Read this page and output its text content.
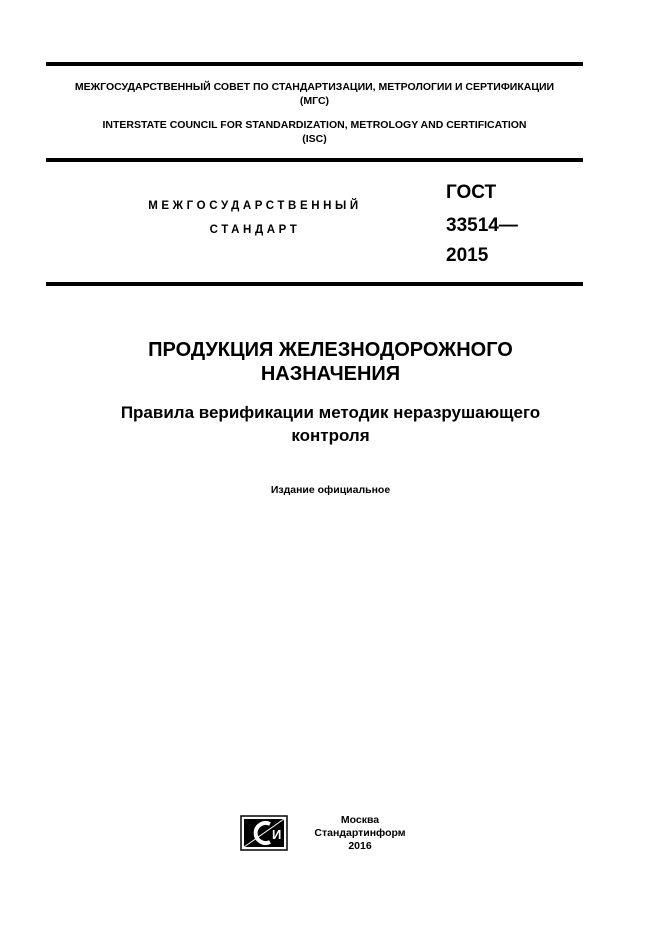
МЕЖГОСУДАРСТВЕННЫЙ СОВЕТ ПО СТАНДАРТИЗАЦИИ, МЕТРОЛОГИИ И СЕРТИФИКАЦИИ
(МГС)
INTERSTATE COUNCIL FOR STANDARDIZATION, METROLOGY AND CERTIFICATION
(ISC)
МЕЖГОСУДАРСТВЕННЫЙ
СТАНДАРТ
ГОСТ
33514—
2015
ПРОДУКЦИЯ ЖЕЛЕЗНОДОРОЖНОГО
НАЗНАЧЕНИЯ
Правила верификации методик неразрушающего
контроля
Издание официальное
И
Москва
Стандартинформ
2016
